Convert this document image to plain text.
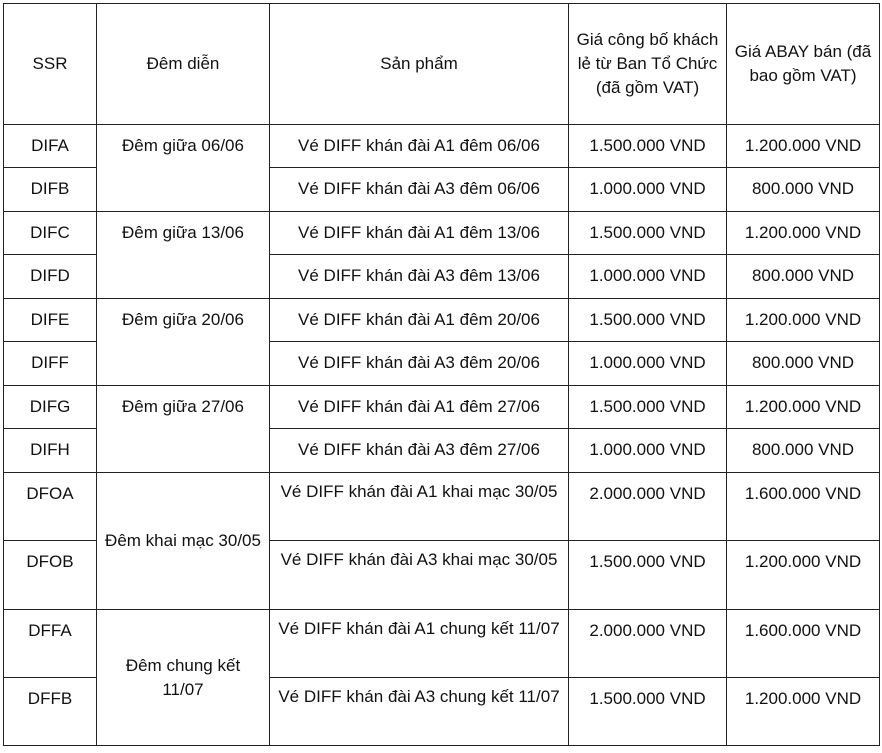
SSR	Đêm diễn	Sản phẩm	Giá công bố khách lẻ từ Ban Tổ Chức (đã gồm VAT)	Giá ABAY bán (đã bao gồm VAT)
DIFA	Đêm giữa 06/06	Vé DIFF khán đài A1 đêm 06/06	1.500.000 VND	1.200.000 VND
DIFB		Vé DIFF khán đài A3 đêm 06/06	1.000.000 VND	800.000 VND
DIFC	Đêm giữa 13/06	Vé DIFF khán đài A1 đêm 13/06	1.500.000 VND	1.200.000 VND
DIFD		Vé DIFF khán đài A3 đêm 13/06	1.000.000 VND	800.000 VND
DIFE	Đêm giữa 20/06	Vé DIFF khán đài A1 đêm 20/06	1.500.000 VND	1.200.000 VND
DIFF		Vé DIFF khán đài A3 đêm 20/06	1.000.000 VND	800.000 VND
DIFG	Đêm giữa 27/06	Vé DIFF khán đài A1 đêm 27/06	1.500.000 VND	1.200.000 VND
DIFH		Vé DIFF khán đài A3 đêm 27/06	1.000.000 VND	800.000 VND
DFOA	Đêm khai mạc 30/05	Vé DIFF khán đài A1 khai mạc 30/05	2.000.000 VND	1.600.000 VND
DFOB		Vé DIFF khán đài A3 khai mạc 30/05	1.500.000 VND	1.200.000 VND
DFFA	Đêm chung kết 11/07	Vé DIFF khán đài A1 chung kết 11/07	2.000.000 VND	1.600.000 VND
DFFB		Vé DIFF khán đài A3 chung kết 11/07	1.500.000 VND	1.200.000 VND
